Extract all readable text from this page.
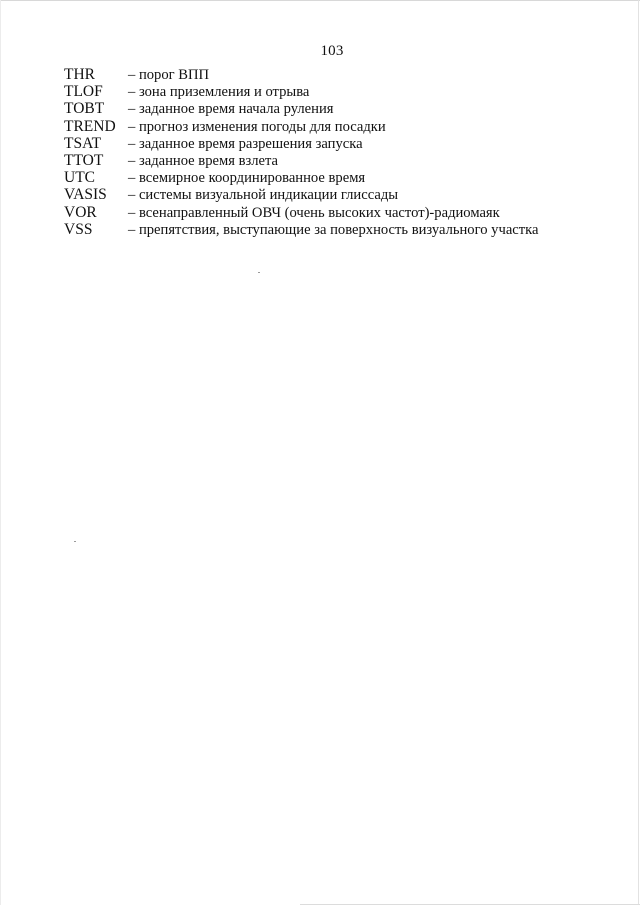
103
THR	– порог ВПП
TLOF	– зона приземления и отрыва
TOBT	– заданное время начала руления
TREND – прогноз изменения погоды для посадки
TSAT	– заданное время разрешения запуска
TTOT	– заданное время взлета
UTC	– всемирное координированное время
VASIS	– системы визуальной индикации глиссады
VOR	– всенаправленный ОВЧ (очень высоких частот)-радиомаяк
VSS	– препятствия, выступающие за поверхность визуального участка
